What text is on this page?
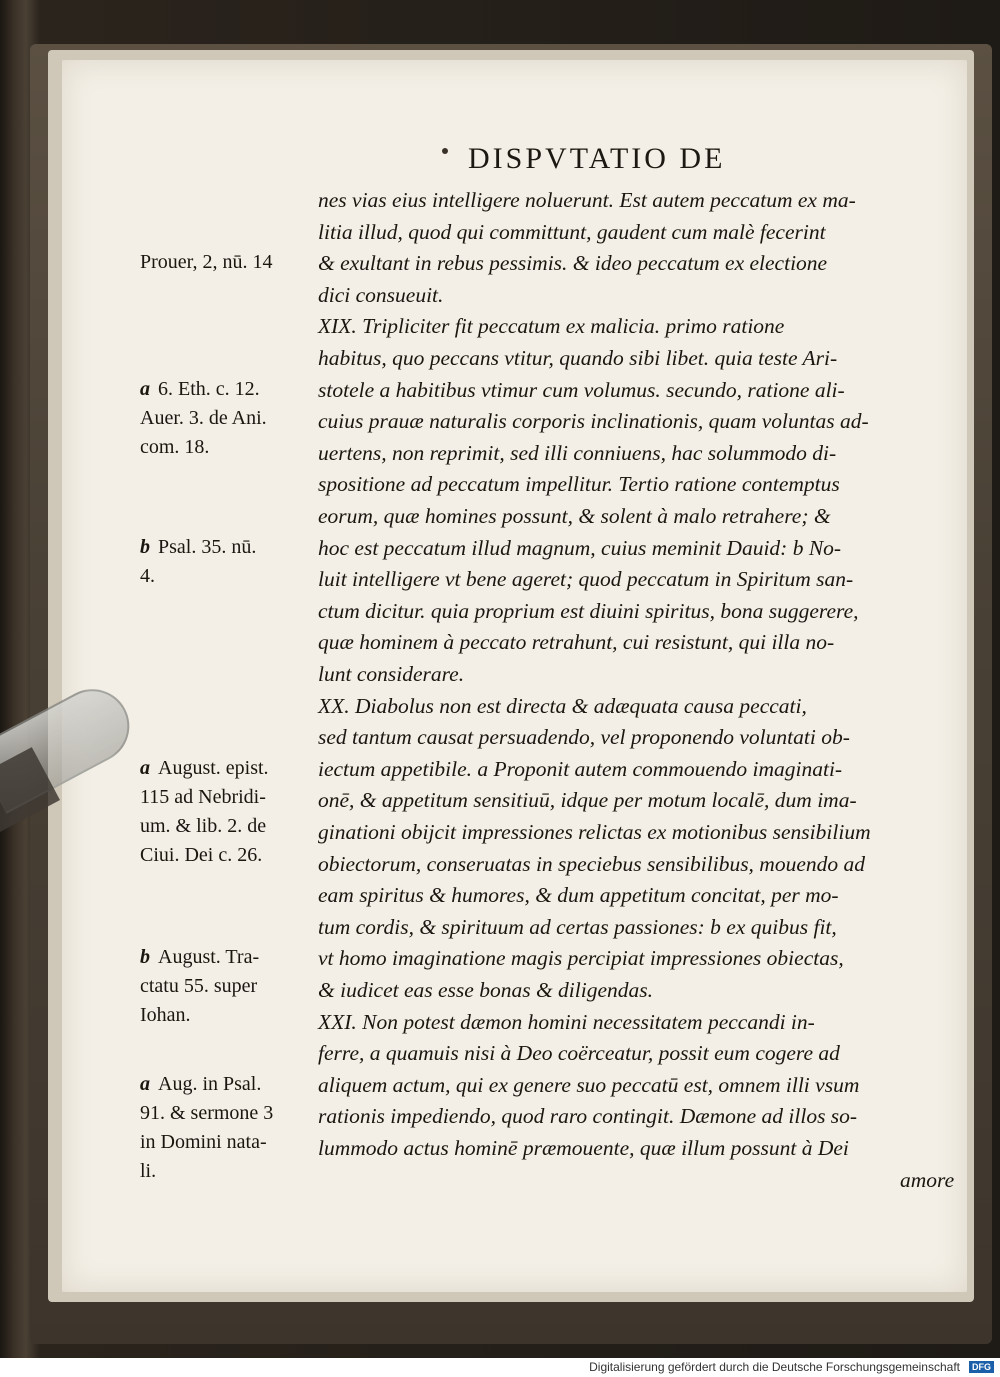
DISPVTATIO DE
nes vias eius intelligere noluerunt. Est autem peccatum ex ma-
litia illud, quod qui committunt, gaudent cum malè fecerint
& exultant in rebus pessimis. & ideo peccatum ex electione
dici consueuit.
XIX. Tripliciter fit peccatum ex malicia. primo ratione
habitus, quo peccans vtitur, quando sibi libet. quia teste Ari-
stotele a habitibus vtimur cum volumus. secundo, ratione ali-
cuius prauæ naturalis corporis inclinationis, quam voluntas ad-
uertens, non reprimit, sed illi conniuens, hac solummodo di-
spositione ad peccatum impellitur. Tertio ratione contemptus
eorum, quæ homines possunt, & solent à malo retrahere; &
hoc est peccatum illud magnum, cuius meminit Dauid: b No-
luit intelligere vt bene ageret; quod peccatum in Spiritum san-
ctum dicitur. quia proprium est diuini spiritus, bona suggerere,
quæ hominem à peccato retrahunt, cui resistunt, qui illa no-
lunt considerare.
XX. Diabolus non est directa & adæquata causa peccati,
sed tantum causat persuadendo, vel proponendo voluntati ob-
iectum appetibile. a Proponit autem commouendo imaginati-
onē, & appetitum sensitiuū, idque per motum localē, dum ima-
ginationi obijcit impressiones relictas ex motionibus sensibilium
obiectorum, conseruatas in speciebus sensibilibus, mouendo ad
eam spiritus & humores, & dum appetitum concitat, per mo-
tum cordis, & spirituum ad certas passiones: b ex quibus fit,
vt homo imaginatione magis percipiat impressiones obiectas,
& iudicet eas esse bonas & diligendas.
XXI. Non potest dæmon homini necessitatem peccandi in-
ferre, a quamuis nisi à Deo coërceatur, possit eum cogere ad
aliquem actum, qui ex genere suo peccatū est, omnem illi vsum
rationis impediendo, quod raro contingit. Dæmone ad illos so-
lummodo actus hominē præmouente, quæ illum possunt à Dei
amore
Prouer, 2, nū. 14
a 6. Eth. c. 12.
Auer. 3. de Ani.
com. 18.
b Psal. 35. nū.
4.
a August. epist.
115 ad Nebridi-
um. & lib. 2. de
Ciui. Dei c. 26.
b August. Tra-
ctatu 55. super
Iohan.
a Aug. in Psal.
91. & sermone 3
in Domini nata-
li.
Digitalisierung gefördert durch die Deutsche Forschungsgemeinschaft	DFG
